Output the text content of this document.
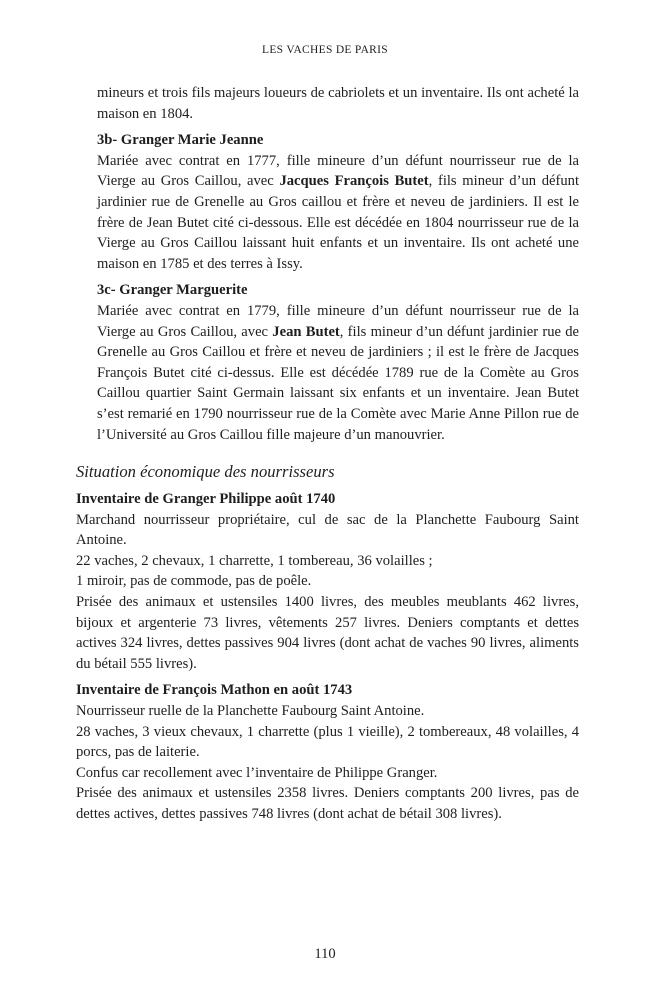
LES VACHES DE PARIS

mineurs et trois fils majeurs loueurs de cabriolets et un inventaire. Ils ont acheté la maison en 1804.

3b- Granger Marie Jeanne

Mariée avec contrat en 1777, fille mineure d’un défunt nourrisseur rue de la Vierge au Gros Caillou, avec Jacques François Butet, fils mineur d’un défunt jardinier rue de Grenelle au Gros caillou et frère et neveu de jardiniers. Il est le frère de Jean Butet cité ci-dessous. Elle est décédée en 1804 nourrisseur rue de la Vierge au Gros Caillou laissant huit enfants et un inventaire. Ils ont acheté une maison en 1785 et des terres à Issy.

3c- Granger Marguerite

Mariée avec contrat en 1779, fille mineure d’un défunt nourrisseur rue de la Vierge au Gros Caillou, avec Jean Butet, fils mineur d’un défunt jardinier rue de Grenelle au Gros Caillou et frère et neveu de jardiniers ; il est le frère de Jacques François Butet cité ci-dessus. Elle est décédée 1789 rue de la Comète au Gros Caillou quartier Saint Germain laissant six enfants et un inventaire. Jean Butet s’est remarié en 1790 nourrisseur rue de la Comète avec Marie Anne Pillon rue de l’Université au Gros Caillou fille majeure d’un manouvrier.

Situation économique des nourrisseurs

Inventaire de Granger Philippe août 1740

Marchand nourrisseur propriétaire, cul de sac de la Planchette Faubourg Saint Antoine.

22 vaches, 2 chevaux, 1 charrette, 1 tombereau, 36 volailles ;

1 miroir, pas de commode, pas de poêle.

Prisée des animaux et ustensiles 1400 livres, des meubles meublants 462 livres, bijoux et argenterie 73 livres, vêtements 257 livres. Deniers comptants et dettes actives 324 livres, dettes passives 904 livres (dont achat de vaches 90 livres, aliments du bétail 555 livres).

Inventaire de François Mathon en août 1743

Nourrisseur ruelle de la Planchette Faubourg Saint Antoine.

28 vaches, 3 vieux chevaux, 1 charrette (plus 1 vieille), 2 tombereaux, 48 volailles, 4 porcs, pas de laiterie.

Confus car recollement avec l’inventaire de Philippe Granger.

Prisée des animaux et ustensiles 2358 livres. Deniers comptants 200 livres, pas de dettes actives, dettes passives 748 livres (dont achat de bétail 308 livres).

110
